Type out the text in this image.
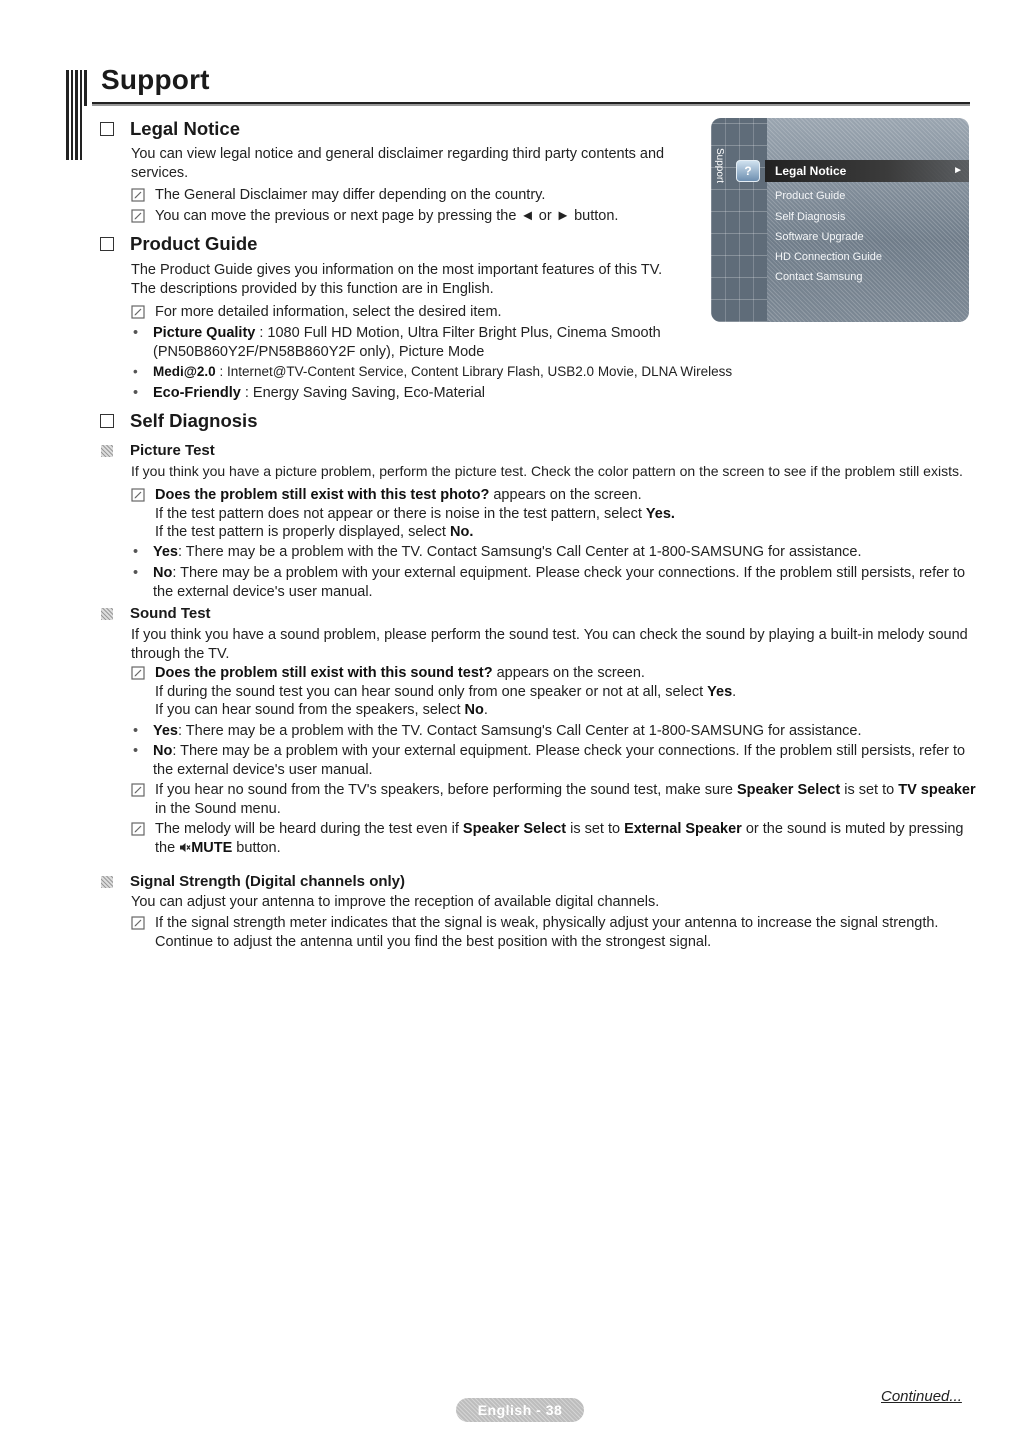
Support
Legal Notice
You can view legal notice and general disclaimer regarding third party contents and
services.
The General Disclaimer may differ depending on the country.
You can move the previous or next page by pressing the ◄ or ► button.
Product Guide
The Product Guide gives you information on the most important features of this TV.
The descriptions provided by this function are in English.
For more detailed information, select the desired item.
•	Picture Quality : 1080 Full HD Motion, Ultra Filter Bright Plus, Cinema Smooth
(PN50B860Y2F/PN58B860Y2F only), Picture Mode
•	Medi@2.0 : Internet@TV-Content Service, Content Library Flash, USB2.0 Movie, DLNA Wireless
•	Eco-Friendly : Energy Saving Saving, Eco-Material
Support	?	Legal Notice	►
Product Guide
Self Diagnosis
Software Upgrade
HD Connection Guide
Contact Samsung
Self Diagnosis
Picture Test
If you think you have a picture problem, perform the picture test. Check the color pattern on the screen to see if the problem still exists.
Does the problem still exist with this test photo? appears on the screen.
If the test pattern does not appear or there is noise in the test pattern, select Yes.
If the test pattern is properly displayed, select No.
•	Yes: There may be a problem with the TV. Contact Samsung's Call Center at 1-800-SAMSUNG for assistance.
•	No: There may be a problem with your external equipment. Please check your connections. If the problem still persists, refer to
the external device's user manual.
Sound Test
If you think you have a sound problem, please perform the sound test. You can check the sound by playing a built-in melody sound
through the TV.
Does the problem still exist with this sound test? appears on the screen.
If during the sound test you can hear sound only from one speaker or not at all, select Yes.
If you can hear sound from the speakers, select No.
•	Yes: There may be a problem with the TV. Contact Samsung's Call Center at 1-800-SAMSUNG for assistance.
•	No: There may be a problem with your external equipment. Please check your connections. If the problem still persists, refer to
the external device's user manual.
If you hear no sound from the TV's speakers, before performing the sound test, make sure Speaker Select is set to TV speaker
in the Sound menu.
The melody will be heard during the test even if Speaker Select is set to External Speaker or the sound is muted by pressing
the MUTE button.
Signal Strength (Digital channels only)
You can adjust your antenna to improve the reception of available digital channels.
If the signal strength meter indicates that the signal is weak, physically adjust your antenna to increase the signal strength.
Continue to adjust the antenna until you find the best position with the strongest signal.
English - 38
Continued...
